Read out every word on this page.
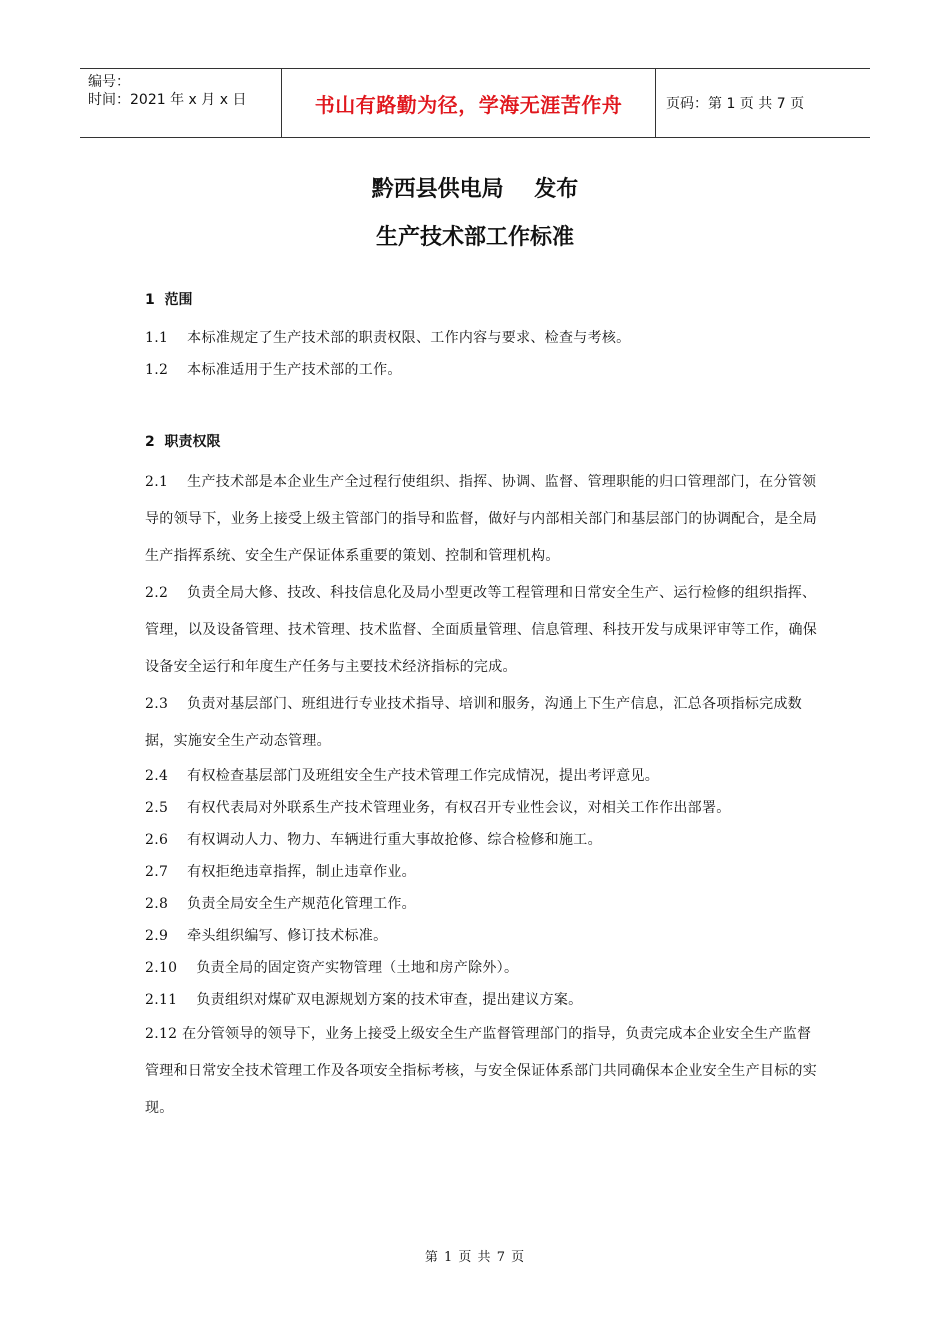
编号：
时间：2021 年 x 月 x 日	书山有路勤为径，学海无涯苦作舟	页码：第 1 页 共 7 页
黔西县供电局    发布
生产技术部工作标准
1  范围

1.1    本标准规定了生产技术部的职责权限、工作内容与要求、检查与考核。

1.2    本标准适用于生产技术部的工作。

2  职责权限

2.1    生产技术部是本企业生产全过程行使组织、指挥、协调、监督、管理职能的归口管理部门，在分管领导的领导下，业务上接受上级主管部门的指导和监督，做好与内部相关部门和基层部门的协调配合，是全局生产指挥系统、安全生产保证体系重要的策划、控制和管理机构。

2.2    负责全局大修、技改、科技信息化及局小型更改等工程管理和日常安全生产、运行检修的组织指挥、管理，以及设备管理、技术管理、技术监督、全面质量管理、信息管理、科技开发与成果评审等工作，确保设备安全运行和年度生产任务与主要技术经济指标的完成。

2.3    负责对基层部门、班组进行专业技术指导、培训和服务，沟通上下生产信息，汇总各项指标完成数据，实施安全生产动态管理。

2.4    有权检查基层部门及班组安全生产技术管理工作完成情况，提出考评意见。

2.5    有权代表局对外联系生产技术管理业务，有权召开专业性会议，对相关工作作出部署。

2.6    有权调动人力、物力、车辆进行重大事故抢修、综合检修和施工。

2.7    有权拒绝违章指挥，制止违章作业。

2.8    负责全局安全生产规范化管理工作。

2.9    牵头组织编写、修订技术标准。

2.10    负责全局的固定资产实物管理（土地和房产除外）。

2.11    负责组织对煤矿双电源规划方案的技术审查，提出建议方案。

2.12 在分管领导的领导下，业务上接受上级安全生产监督管理部门的指导，负责完成本企业安全生产监督管理和日常安全技术管理工作及各项安全指标考核，与安全保证体系部门共同确保本企业安全生产目标的实现。

第 1 页 共 7 页
